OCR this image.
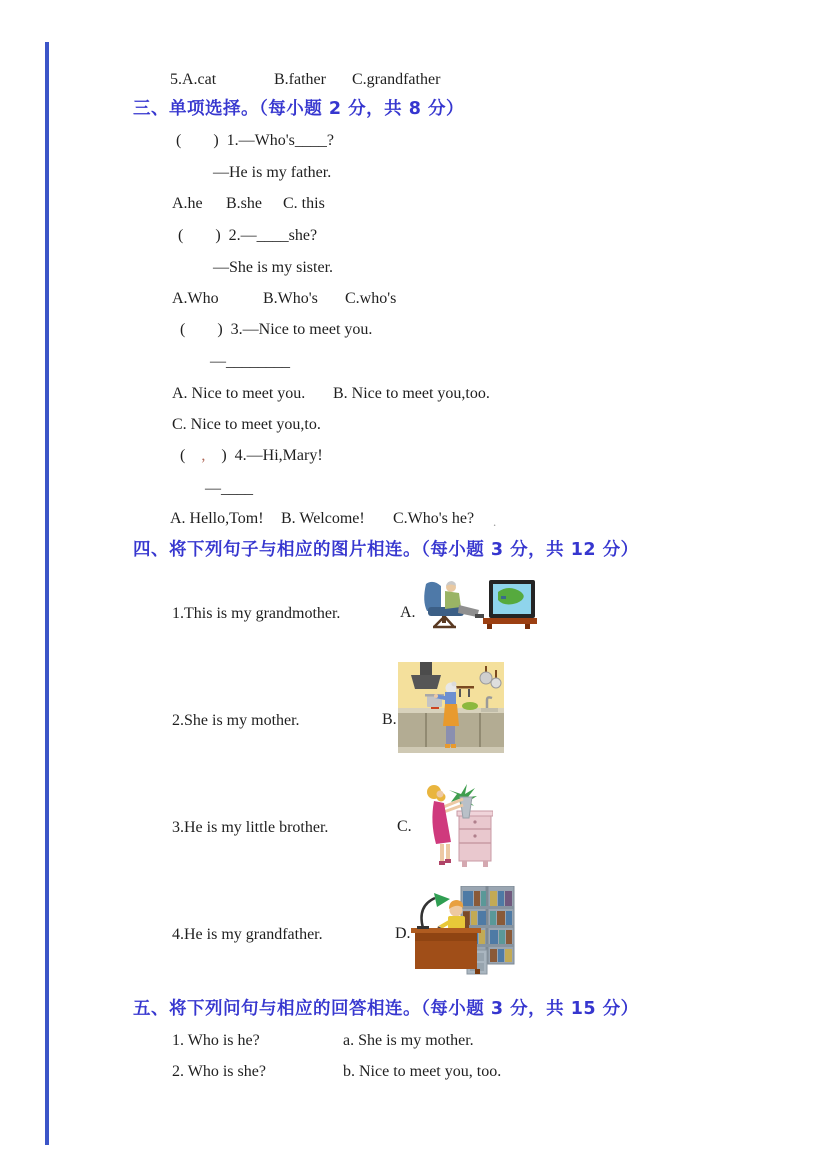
5.A.cat	B.father C.grandfather
三、单项选择。（每小题 2 分，共 8 分）
(        )  1.—Who's____?
—He is my father.
A.he B.she C. this
(        )  2.—____she?
—She is my sister.
A.Who	B.Who's C.who's
(        )  3.—Nice to meet you.
—________
A. Nice to meet you. B. Nice to meet you,too.
C. Nice to meet you,to.
(    ,    )  4.—Hi,Mary!
—____
A. Hello,Tom! B. Welcome! C.Who's he? .
四、将下列句子与相应的图片相连。（每小题 3 分，共 12 分）
1.This is my grandmother.	A.
2.She is my mother.	B.
3.He is my little brother.	C.
4.He is my grandfather.	D.
五、将下列问句与相应的回答相连。（每小题 3 分，共 15 分）
1. Who is he?	a. She is my mother.
2. Who is she?	b. Nice to meet you, too.
